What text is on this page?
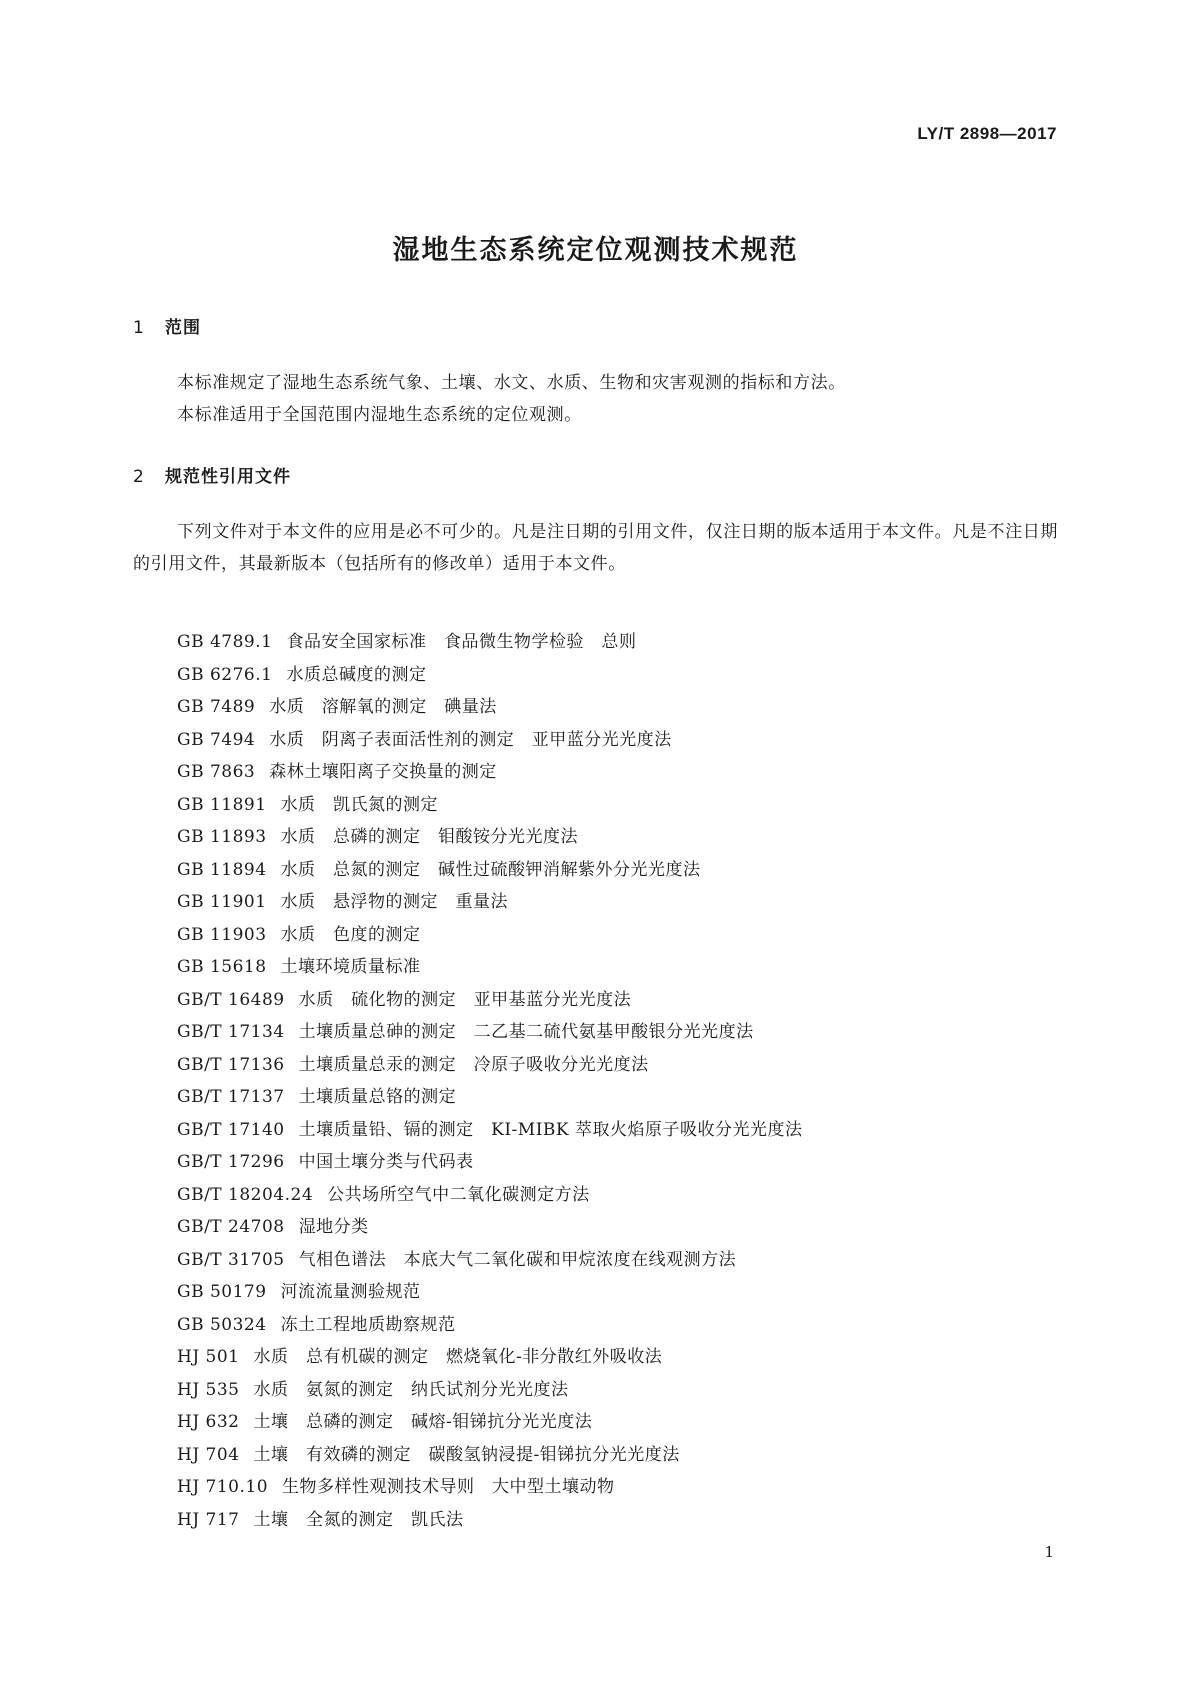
LY/T 2898—2017
湿地生态系统定位观测技术规范
1 范围
本标准规定了湿地生态系统气象、土壤、水文、水质、生物和灾害观测的指标和方法。
本标准适用于全国范围内湿地生态系统的定位观测。
2 规范性引用文件
下列文件对于本文件的应用是必不可少的。凡是注日期的引用文件，仅注日期的版本适用于本文件。凡是不注日期的引用文件，其最新版本（包括所有的修改单）适用于本文件。
GB 4789.1 食品安全国家标准　食品微生物学检验　总则
GB 6276.1 水质总碱度的测定
GB 7489 水质　溶解氧的测定　碘量法
GB 7494 水质　阴离子表面活性剂的测定　亚甲蓝分光光度法
GB 7863 森林土壤阳离子交换量的测定
GB 11891 水质　凯氏氮的测定
GB 11893 水质　总磷的测定　钼酸铵分光光度法
GB 11894 水质　总氮的测定　碱性过硫酸钾消解紫外分光光度法
GB 11901 水质　悬浮物的测定　重量法
GB 11903 水质　色度的测定
GB 15618 土壤环境质量标准
GB/T 16489 水质　硫化物的测定　亚甲基蓝分光光度法
GB/T 17134 土壤质量总砷的测定　二乙基二硫代氨基甲酸银分光光度法
GB/T 17136 土壤质量总汞的测定　冷原子吸收分光光度法
GB/T 17137 土壤质量总铬的测定
GB/T 17140 土壤质量铅、镉的测定　KI-MIBK 萃取火焰原子吸收分光光度法
GB/T 17296 中国土壤分类与代码表
GB/T 18204.24 公共场所空气中二氧化碳测定方法
GB/T 24708 湿地分类
GB/T 31705 气相色谱法　本底大气二氧化碳和甲烷浓度在线观测方法
GB 50179 河流流量测验规范
GB 50324 冻土工程地质勘察规范
HJ 501 水质　总有机碳的测定　燃烧氧化-非分散红外吸收法
HJ 535 水质　氨氮的测定　纳氏试剂分光光度法
HJ 632 土壤　总磷的测定　碱熔-钼锑抗分光光度法
HJ 704 土壤　有效磷的测定　碳酸氢钠浸提-钼锑抗分光光度法
HJ 710.10 生物多样性观测技术导则　大中型土壤动物
HJ 717 土壤　全氮的测定　凯氏法
1
